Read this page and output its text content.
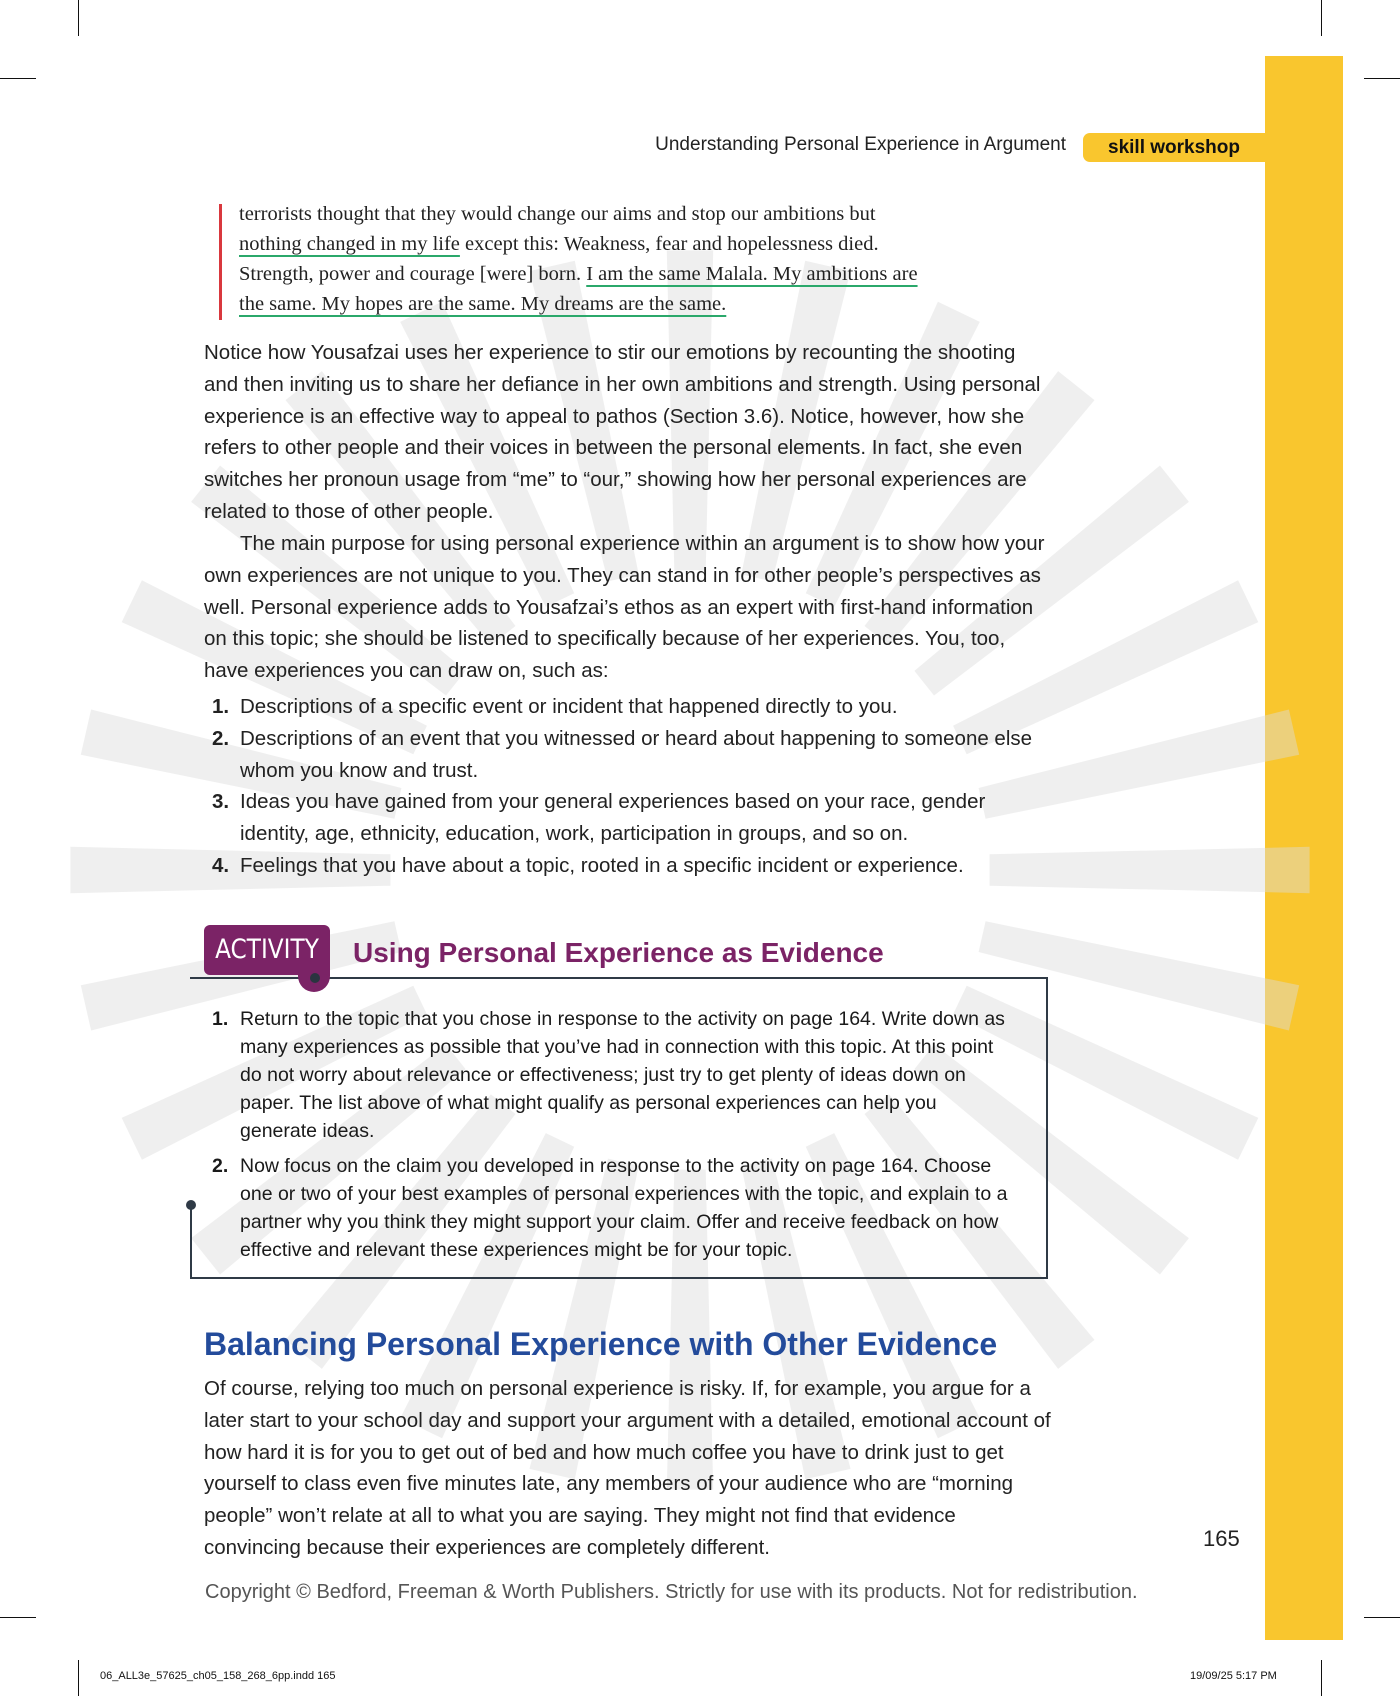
Understanding Personal Experience in Argument	skill workshop
terrorists thought that they would change our aims and stop our ambitions but
nothing changed in my life except this: Weakness, fear and hopelessness died.
Strength, power and courage [were] born. I am the same Malala. My ambitions are
the same. My hopes are the same. My dreams are the same.
Notice how Yousafzai uses her experience to stir our emotions by recounting the shooting and then inviting us to share her defiance in her own ambitions and strength. Using personal experience is an effective way to appeal to pathos (Section 3.6). Notice, however, how she refers to other people and their voices in between the personal elements. In fact, she even switches her pronoun usage from “me” to “our,” showing how her personal experiences are related to those of other people.
The main purpose for using personal experience within an argument is to show how your own experiences are not unique to you. They can stand in for other people’s perspectives as well. Personal experience adds to Yousafzai’s ethos as an expert with first-hand information on this topic; she should be listened to specifically because of her experiences. You, too, have experiences you can draw on, such as:
1. Descriptions of a specific event or incident that happened directly to you.
2. Descriptions of an event that you witnessed or heard about happening to someone else whom you know and trust.
3. Ideas you have gained from your general experiences based on your race, gender identity, age, ethnicity, education, work, participation in groups, and so on.
4. Feelings that you have about a topic, rooted in a specific incident or experience.
ACTIVITY Using Personal Experience as Evidence
1. Return to the topic that you chose in response to the activity on page 164. Write down as many experiences as possible that you’ve had in connection with this topic. At this point do not worry about relevance or effectiveness; just try to get plenty of ideas down on paper. The list above of what might qualify as personal experiences can help you generate ideas.
2. Now focus on the claim you developed in response to the activity on page 164. Choose one or two of your best examples of personal experiences with the topic, and explain to a partner why you think they might support your claim. Offer and receive feedback on how effective and relevant these experiences might be for your topic.
Balancing Personal Experience with Other Evidence
Of course, relying too much on personal experience is risky. If, for example, you argue for a later start to your school day and support your argument with a detailed, emotional account of how hard it is for you to get out of bed and how much coffee you have to drink just to get yourself to class even five minutes late, any members of your audience who are “morning people” won’t relate at all to what you are saying. They might not find that evidence convincing because their experiences are completely different.	165
Copyright © Bedford, Freeman & Worth Publishers. Strictly for use with its products. Not for redistribution.
06_ALL3e_57625_ch05_158_268_6pp.indd 165	19/09/25 5:17 PM
